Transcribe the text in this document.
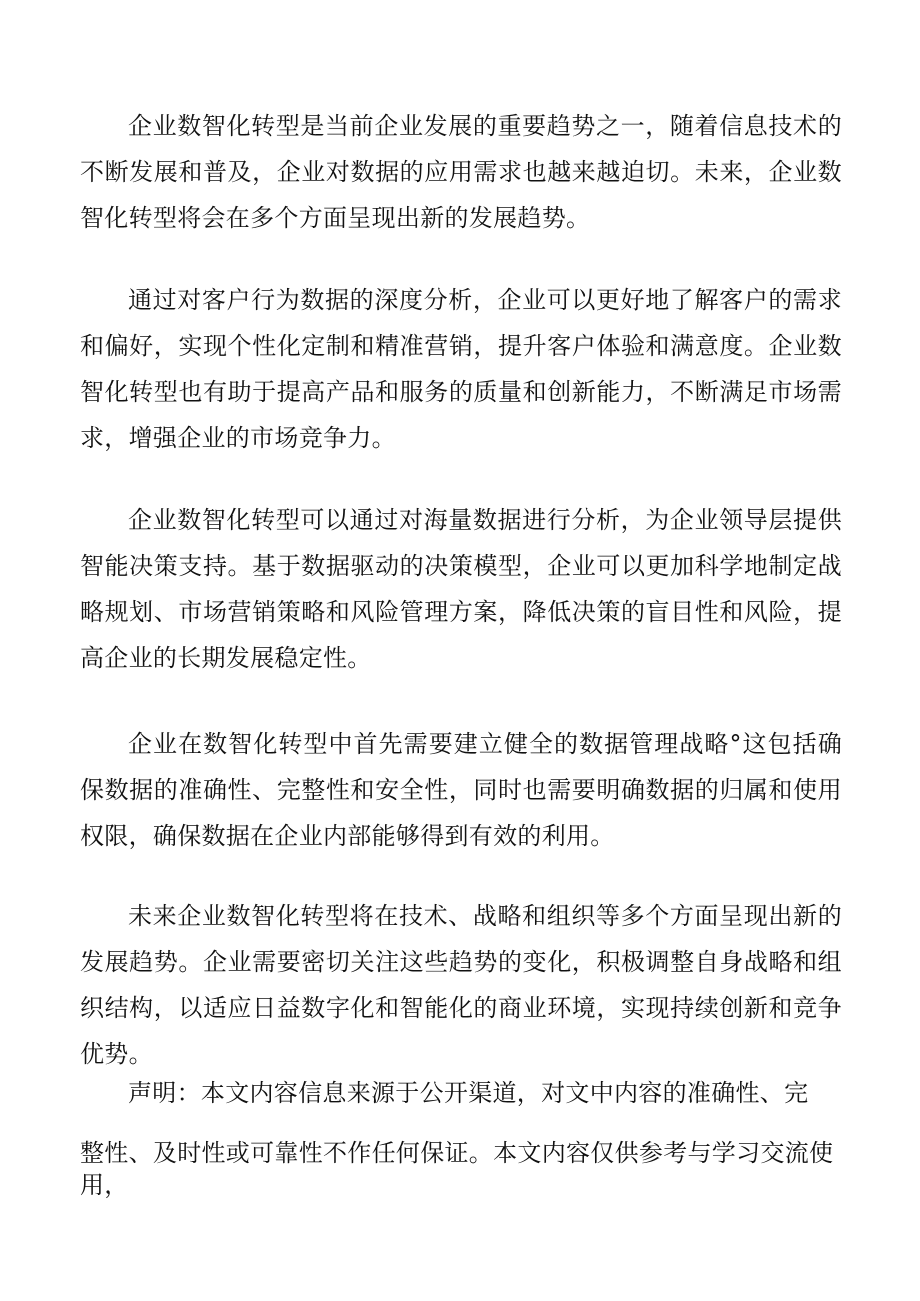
企业数智化转型是当前企业发展的重要趋势之一，随着信息技术的不断发展和普及，企业对数据的应用需求也越来越迫切。未来，企业数智化转型将会在多个方面呈现出新的发展趋势。

通过对客户行为数据的深度分析，企业可以更好地了解客户的需求和偏好，实现个性化定制和精准营销，提升客户体验和满意度。企业数智化转型也有助于提高产品和服务的质量和创新能力，不断满足市场需求，增强企业的市场竞争力。

企业数智化转型可以通过对海量数据进行分析，为企业领导层提供智能决策支持。基于数据驱动的决策模型，企业可以更加科学地制定战略规划、市场营销策略和风险管理方案，降低决策的盲目性和风险，提高企业的长期发展稳定性。

企业在数智化转型中首先需要建立健全的数据管理战略°这包括确保数据的准确性、完整性和安全性，同时也需要明确数据的归属和使用权限，确保数据在企业内部能够得到有效的利用。

未来企业数智化转型将在技术、战略和组织等多个方面呈现出新的发展趋势。企业需要密切关注这些趋势的变化，积极调整自身战略和组织结构，以适应日益数字化和智能化的商业环境，实现持续创新和竞争优势。

声明：本文内容信息来源于公开渠道，对文中内容的准确性、完

整性、及时性或可靠性不作任何保证。本文内容仅供参考与学习交流使用，
